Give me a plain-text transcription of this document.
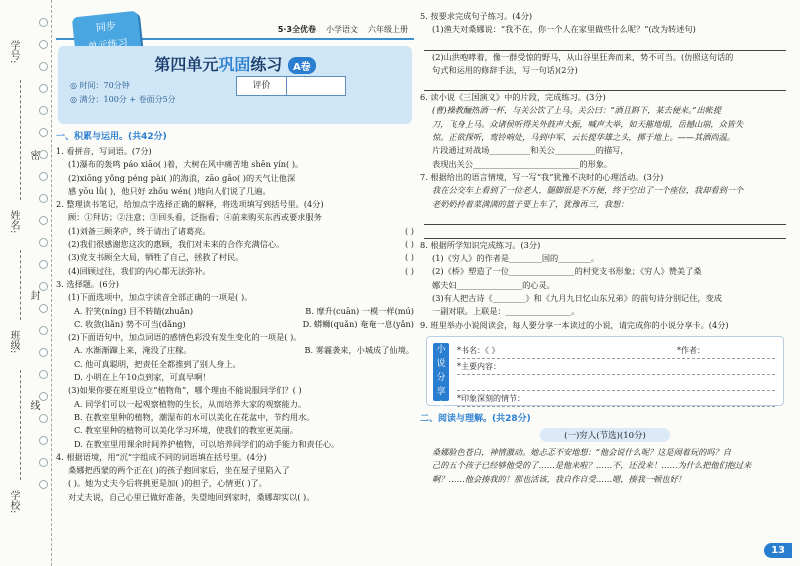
学号:
姓名:
班级:
学校:
密
封
线
同步	5·3全优卷 小学语文 六年级上册
第四单元巩固练习 A卷
◎ 时间：70分钟
◎ 满分：100分 + 卷面分5分
评价
一、积累与运用。(共42分)
1. 看拼音，写词语。(7分)
(1)瀑布的轰鸣 páo xiāo( )着，大树在风中痛苦地 shēn yín( )。
(2)xiōng yǒng péng pài( )的海浪，zāo gāo( )的天气让他深
感 yōu lǜ( )，他只好 zhōu wén( )地向人们说了几遍。
2. 整理读书笔记，给加点字选择正确的解释，将选项填写到括号里。(4分)
顾：①拜访；②注意；③回头看，泛指看；④前来购买东西或要求服务
(1)刘备三顾茅庐，终于请出了诸葛亮。	( )
(2)我们很感谢您这次的惠顾，我们对未来的合作充满信心。	( )
(3)党支书顾全大局，牺牲了自己，拯救了村民。	( )
(4)回顾过往，我们的内心都无法弥补。	( )
3. 选择题。(6分)
(1)下面选项中，加点字读音全部正确的一项是( )。
A. 狞笑(níng) 目不转睛(zhuǎn)	B. 摩升(cuān) 一模一样(mú)
C. 收敛(liǎn) 势不可当(dǎng)	D. 蟒蛳(quǎn) 奄奄一息(yǎn)
(2)下面语句中，加点词语的感情色彩没有发生变化的一项是( )。
A. 水渐渐蹿上来，淹没了庄稼。	B. 雾霾袭来，小城成了仙境。
C. 他可真聪明，把责任全都推到了别人身上。
D. 小明在上午10点到家，可真早啊！
(3)如果你要在班里设立“植物角”，哪个理由不能说服同学们？( )
A. 同学们可以一起观察植物的生长，从而培养大家的观察能力。
B. 在教室里种的植物，潮湿布的水可以美化在花盆中，节约用水。
C. 教室里种的植物可以美化学习环境，使我们的教室更美丽。
D. 在教室里用课余时间养护植物，可以培养同学们的动手能力和责任心。
4. 根据语境，用“沉”字组成不同的词语填在括号里。(4分)
桑娜把西蒙的两个正在( )的孩子抱回家后，坐在屋子里陷入了
( )。她为丈夫今后将挑更是加( )的担子，心情更( )了。
对丈夫说，自己心里已做好准备，失望地回到家时，桑娜却实以( )。
5. 按要求完成句子练习。(4分)
(1)渔夫对桑娜说：“我不在，你一个人在家里做些什么呢？”(改为转述句)
(2)山洪咆哮着，像一群受惊的野马，从山谷里狂奔而来，势不可当。(仿照这句话的
句式和运用的修辞手法，写一句话)(2分)
6. 读小说《三国演义》中的片段，完成练习。(3分)
(曹)操教酾热酒一杯，与关公饮了上马。关公曰：“酒且斟下，某去便来。”出帐提
刀，飞身上马。众诸侯听得关外鼓声大振，喊声大举，如天摧地塌，岳撼山崩，众皆失
惊。正欲探听，鸾铃响处，马到中军，云长提华雄之头，掷于地上。——其酒尚温。
片段通过对战场__________和关公__________的描写，
表现出关公__________________________的形象。
7. 根据给出的语言情境，写一写“我”犹豫不决时的心理活动。(3分)
我在公交车上看到了一位老人，腿脚很是不方便，终于空出了一个座位，我却看到一个
老奶奶拎着菜满满的篮子要上车了，犹豫再三，我想：
8. 根据所学知识完成练习。(3分)
(1)《穷人》的作者是________国的________。
(2)《桥》塑造了一位________________的村党支书形象；《穷人》赞美了桑
娜夫妇________________的心灵。
(3)有人把古诗《________》和《九月九日忆山东兄弟》的前句诗分别记住，变成
一副对联。上联是：________________。
9. 班里举办小说阅读会，每人要分享一本读过的小说，请完成你的小说分享卡。(4分)
小说分享卡
*书名：《 》	*作者：
*主要内容：

*印象深刻的情节：
二、阅读与理解。(共28分)
(一)穷人(节选)(10分)
桑娜脸色苍白，神情激动。她忐忑不安地想：“他会说什么呢？这是闹着玩的吗？自
己的五个孩子已经够他受的了……是他来啦？……不，还没来！……为什么把他们抱过来
啊？……他会揍我的！那也活该，我自作自受……嗯，揍我一顿也好！
13
